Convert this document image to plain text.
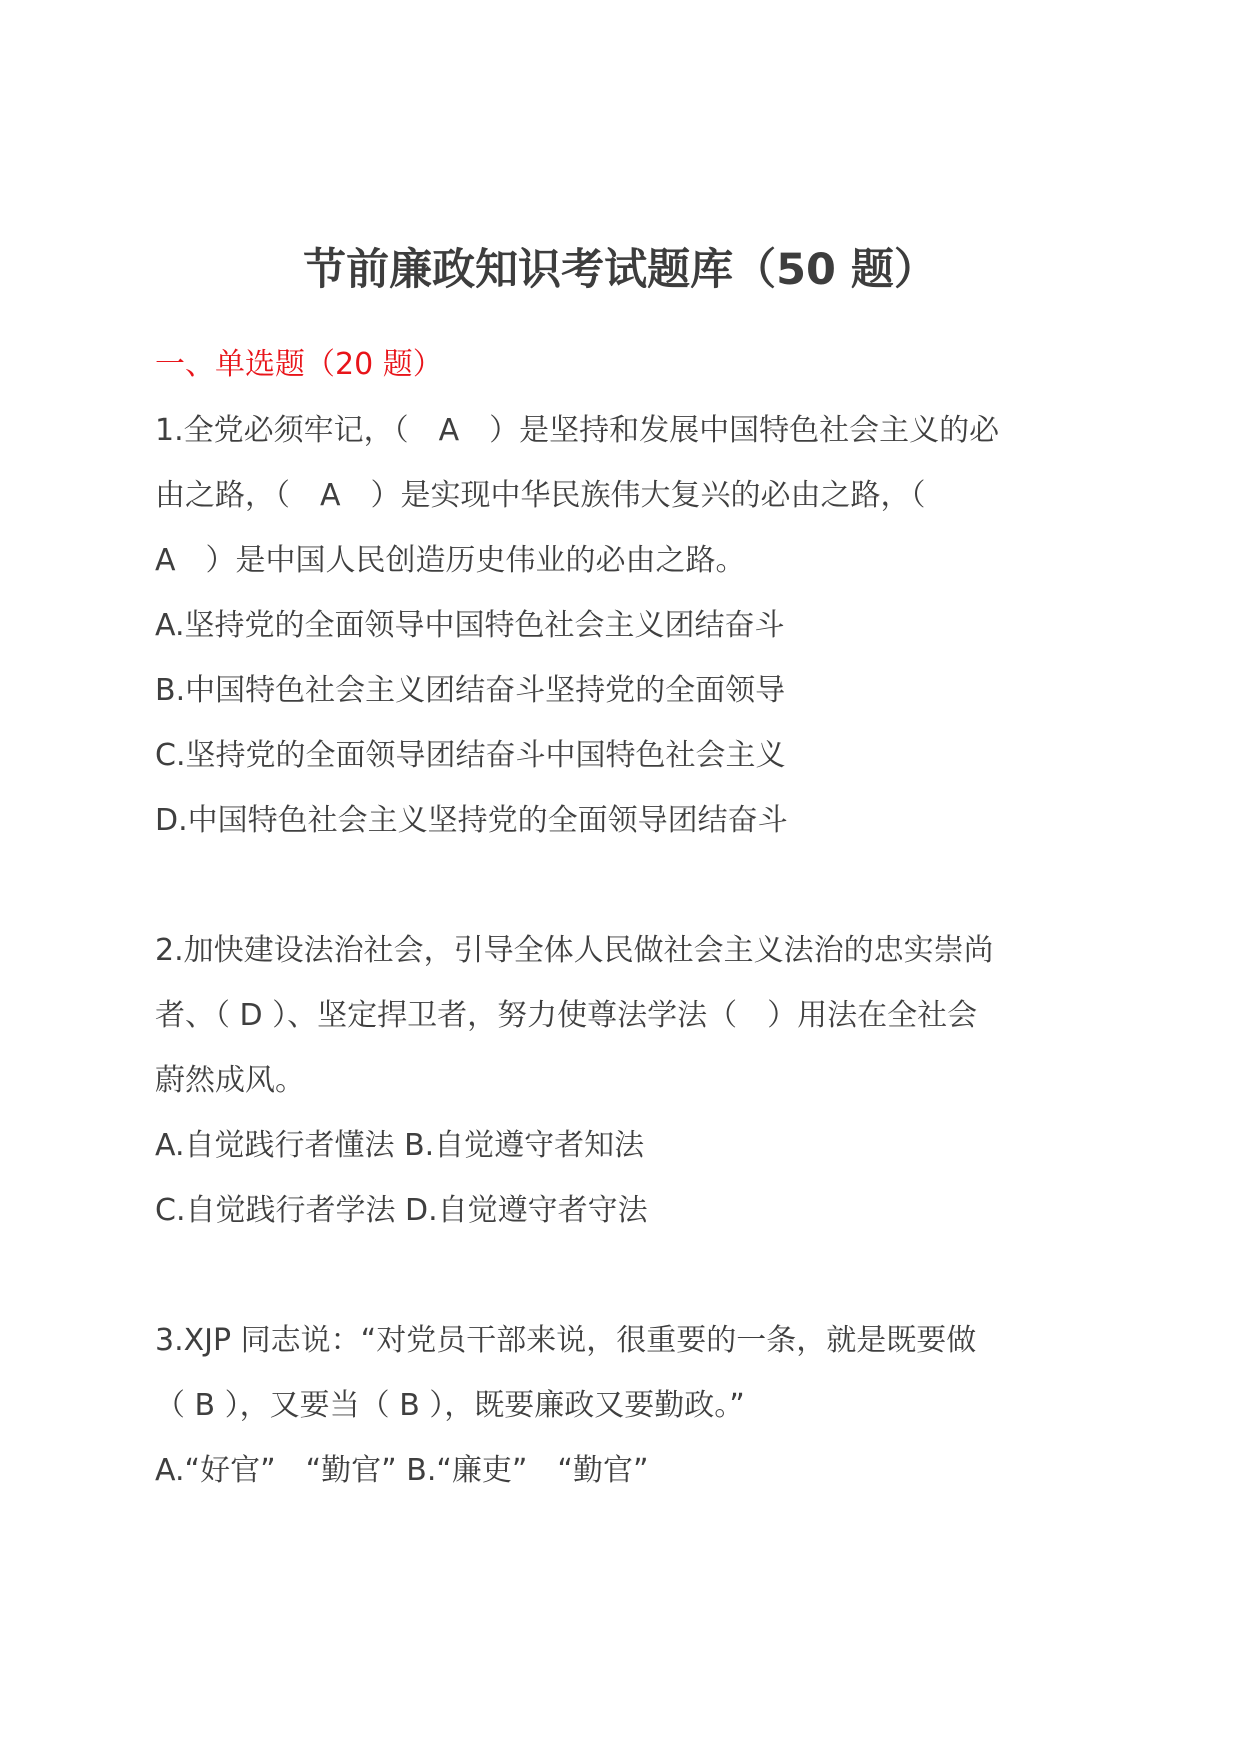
节前廉政知识考试题库（50 题）
一、单选题（20 题）
1.全党必须牢记，（　A　）是坚持和发展中国特色社会主义的必
由之路，（　A　）是实现中华民族伟大复兴的必由之路，（
A　）是中国人民创造历史伟业的必由之路。
A.坚持党的全面领导中国特色社会主义团结奋斗
B.中国特色社会主义团结奋斗坚持党的全面领导
C.坚持党的全面领导团结奋斗中国特色社会主义
D.中国特色社会主义坚持党的全面领导团结奋斗
2.加快建设法治社会，引导全体人民做社会主义法治的忠实崇尚
者、（ D ）、坚定捍卫者，努力使尊法学法（　）用法在全社会
蔚然成风。
A.自觉践行者懂法 B.自觉遵守者知法
C.自觉践行者学法 D.自觉遵守者守法
3.XJP 同志说：“对党员干部来说，很重要的一条，就是既要做
（ B ），又要当（ B ），既要廉政又要勤政。”
A.“好官”　“勤官” B.“廉吏”　“勤官”
